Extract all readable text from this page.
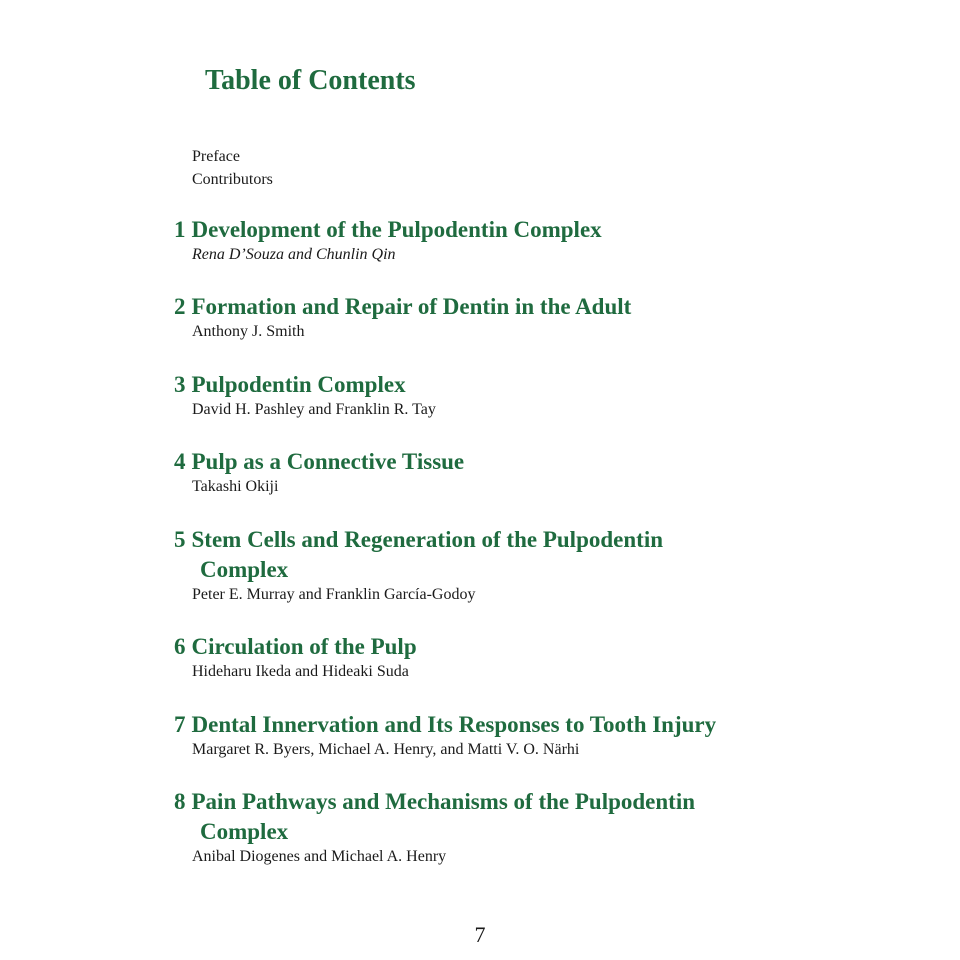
Table of Contents
Preface
Contributors
1 Development of the Pulpodentin Complex
Rena D’Souza and Chunlin Qin
2 Formation and Repair of Dentin in the Adult
Anthony J. Smith
3 Pulpodentin Complex
David H. Pashley and Franklin R. Tay
4 Pulp as a Connective Tissue
Takashi Okiji
5 Stem Cells and Regeneration of the Pulpodentin
Complex
Peter E. Murray and Franklin García-Godoy
6 Circulation of the Pulp
Hideharu Ikeda and Hideaki Suda
7 Dental Innervation and Its Responses to Tooth Injury
Margaret R. Byers, Michael A. Henry, and Matti V. O. Närhi
8 Pain Pathways and Mechanisms of the Pulpodentin
Complex
Anibal Diogenes and Michael A. Henry
7
